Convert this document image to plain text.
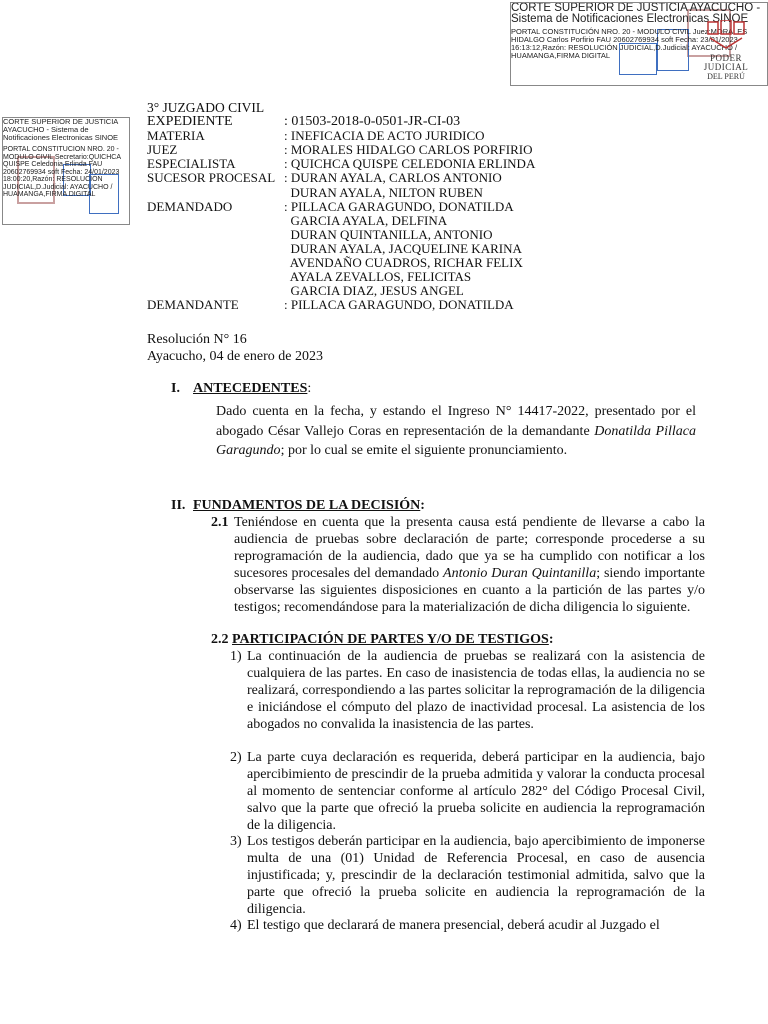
CORTE SUPERIOR DE JUSTICIA AYACUCHO - Sistema de Notificaciones Electronicas SINOE
PORTAL CONSTITUCIÓN NRO. 20 - MODULO CIVIL Juez:MORALES HIDALGO Carlos Porfirio FAU 20602769934 soft Fecha: 23/01/2023 16:13:12,Razón: RESOLUCIÓN JUDICIAL,D.Judicial: AYACUCHO / HUAMANGA,FIRMA DIGITAL	PODER JUDICIAL
DEL PERÚ
CORTE SUPERIOR DE JUSTICIA AYACUCHO - Sistema de Notificaciones Electronicas SINOE
PORTAL CONSTITUCION NRO. 20 - MODULO CIVIL Secretario:QUICHCA QUISPE Celedonia Erlinda FAU 20602769934 soft Fecha: 24/01/2023 18:00:20,Razón: RESOLUCIÓN JUDICIAL,D.Judicial: AYACUCHO / HUAMANGA,FIRMA DIGITAL
3° JUZGADO CIVIL
EXPEDIENTE	: 01503-2018-0-0501-JR-CI-03
MATERIA	: INEFICACIA DE ACTO JURIDICO
JUEZ	: MORALES HIDALGO CARLOS PORFIRIO
ESPECIALISTA	: QUICHCA QUISPE CELEDONIA ERLINDA
SUCESOR PROCESAL : DURAN AYALA, CARLOS ANTONIO
DURAN AYALA, NILTON RUBEN
DEMANDADO	: PILLACA GARAGUNDO, DONATILDA
GARCIA AYALA, DELFINA
DURAN QUINTANILLA, ANTONIO
DURAN AYALA, JACQUELINE KARINA
AVENDAÑO CUADROS, RICHAR FELIX
AYALA ZEVALLOS, FELICITAS
GARCIA DIAZ, JESUS ANGEL
DEMANDANTE	: PILLACA GARAGUNDO, DONATILDA
Resolución N° 16
Ayacucho, 04 de enero de 2023
I. ANTECEDENTES:
Dado cuenta en la fecha, y estando el Ingreso N° 14417-2022, presentado por el abogado César Vallejo Coras en representación de la demandante Donatilda Pillaca Garagundo; por lo cual se emite el siguiente pronunciamiento.
II. FUNDAMENTOS DE LA DECISIÓN:
2.1 Teniéndose en cuenta que la presenta causa está pendiente de llevarse a cabo la audiencia de pruebas sobre declaración de parte; corresponde procederse a su reprogramación de la audiencia, dado que ya se ha cumplido con notificar a los sucesores procesales del demandado Antonio Duran Quintanilla; siendo importante observarse las siguientes disposiciones en cuanto a la partición de las partes y/o testigos; recomendándose para la materialización de dicha diligencia lo siguiente.
2.2 PARTICIPACIÓN DE PARTES Y/O DE TESTIGOS:
1) La continuación de la audiencia de pruebas se realizará con la asistencia de cualquiera de las partes. En caso de inasistencia de todas ellas, la audiencia no se realizará, correspondiendo a las partes solicitar la reprogramación de la diligencia e iniciándose el cómputo del plazo de inactividad procesal. La asistencia de los abogados no convalida la inasistencia de las partes.
2) La parte cuya declaración es requerida, deberá participar en la audiencia, bajo apercibimiento de prescindir de la prueba admitida y valorar la conducta procesal al momento de sentenciar conforme al artículo 282° del Código Procesal Civil, salvo que la parte que ofreció la prueba solicite en audiencia la reprogramación de la diligencia.
3) Los testigos deberán participar en la audiencia, bajo apercibimiento de imponerse multa de una (01) Unidad de Referencia Procesal, en caso de ausencia injustificada; y, prescindir de la declaración testimonial admitida, salvo que la parte que ofreció la prueba solicite en audiencia la reprogramación de la diligencia.
4) El testigo que declarará de manera presencial, deberá acudir al Juzgado el
